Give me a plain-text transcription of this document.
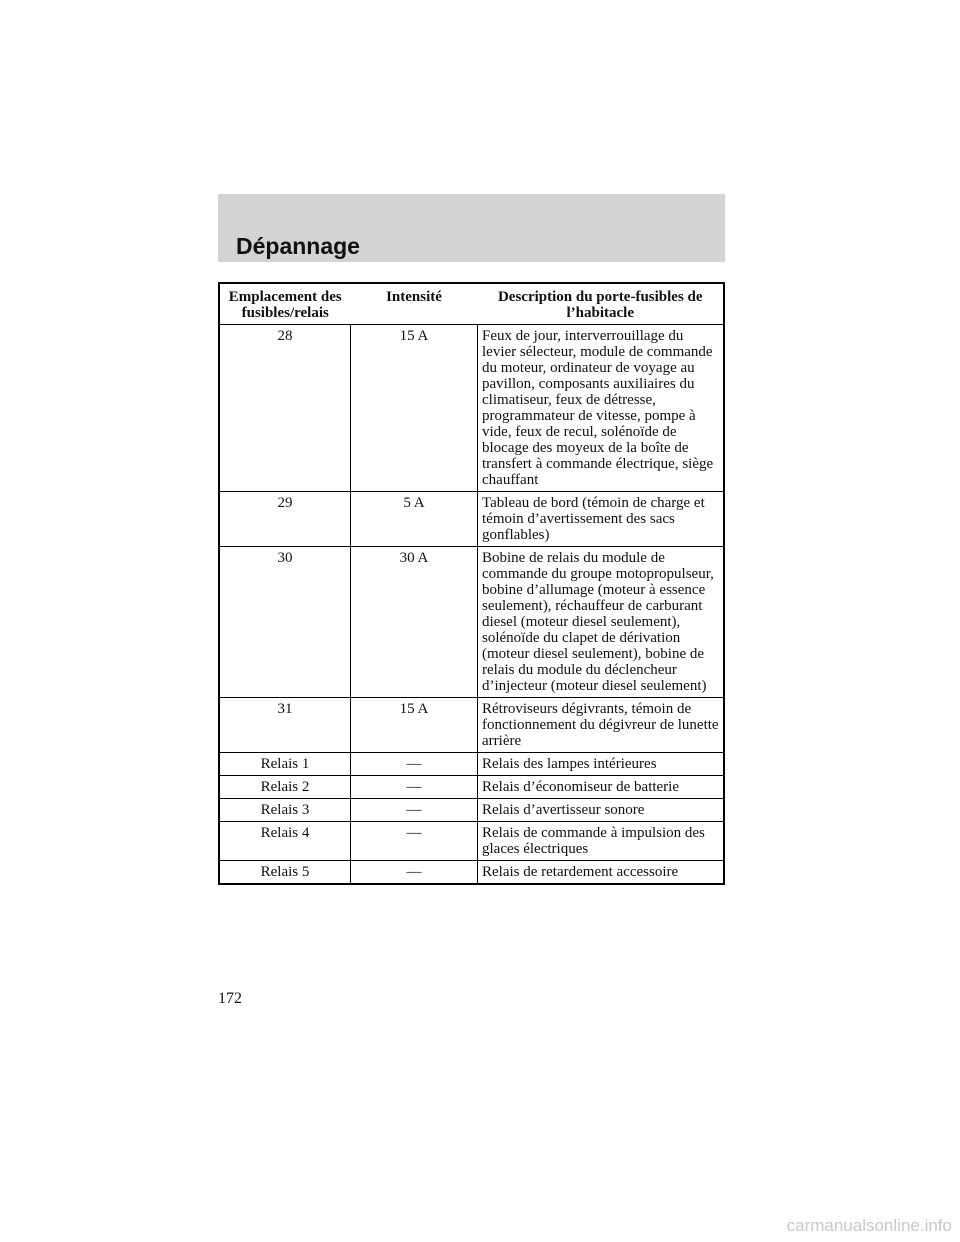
Dépannage
Emplacement des fusibles/relais	Intensité	Description du porte-fusibles de l’habitacle
28	15 A	Feux de jour, interverrouillage du levier sélecteur, module de commande du moteur, ordinateur de voyage au pavillon, composants auxiliaires du climatiseur, feux de détresse, programmateur de vitesse, pompe à vide, feux de recul, solénoïde de blocage des moyeux de la boîte de transfert à commande électrique, siège chauffant
29	5 A	Tableau de bord (témoin de charge et témoin d’avertissement des sacs gonflables)
30	30 A	Bobine de relais du module de commande du groupe motopropulseur, bobine d’allumage (moteur à essence seulement), réchauffeur de carburant diesel (moteur diesel seulement), solénoïde du clapet de dérivation (moteur diesel seulement), bobine de relais du module du déclencheur d’injecteur (moteur diesel seulement)
31	15 A	Rétroviseurs dégivrants, témoin de fonctionnement du dégivreur de lunette arrière
Relais 1	—	Relais des lampes intérieures
Relais 2	—	Relais d’économiseur de batterie
Relais 3	—	Relais d’avertisseur sonore
Relais 4	—	Relais de commande à impulsion des glaces électriques
Relais 5	—	Relais de retardement accessoire
172
carmanualsonline.info
